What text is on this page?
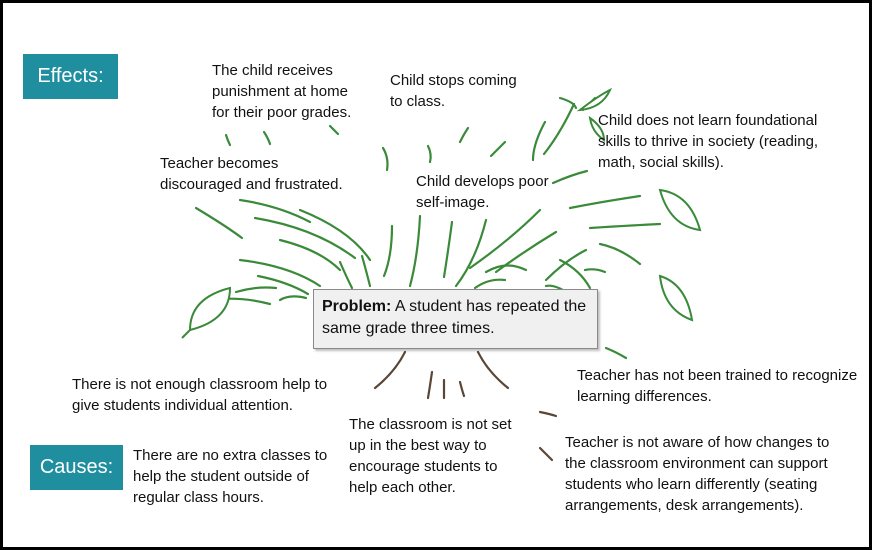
Effects:
Causes:
The child receives
punishment at home
for their poor grades.
Child stops coming
to class.
Child does not learn foundational
skills to thrive in society (reading,
math, social skills).
Teacher becomes
discouraged and frustrated.	Child develops poor
self-image.
Problem: A student has repeated the same grade three times.
There is not enough classroom help to
give students individual attention.
Teacher has not been trained to recognize
learning differences.
There are no extra classes to
help the student outside of
regular class hours.
The classroom is not set
up in the best way to
encourage students to
help each other.
Teacher is not aware of how changes to
the classroom environment can support
students who learn differently (seating
arrangements, desk arrangements).
